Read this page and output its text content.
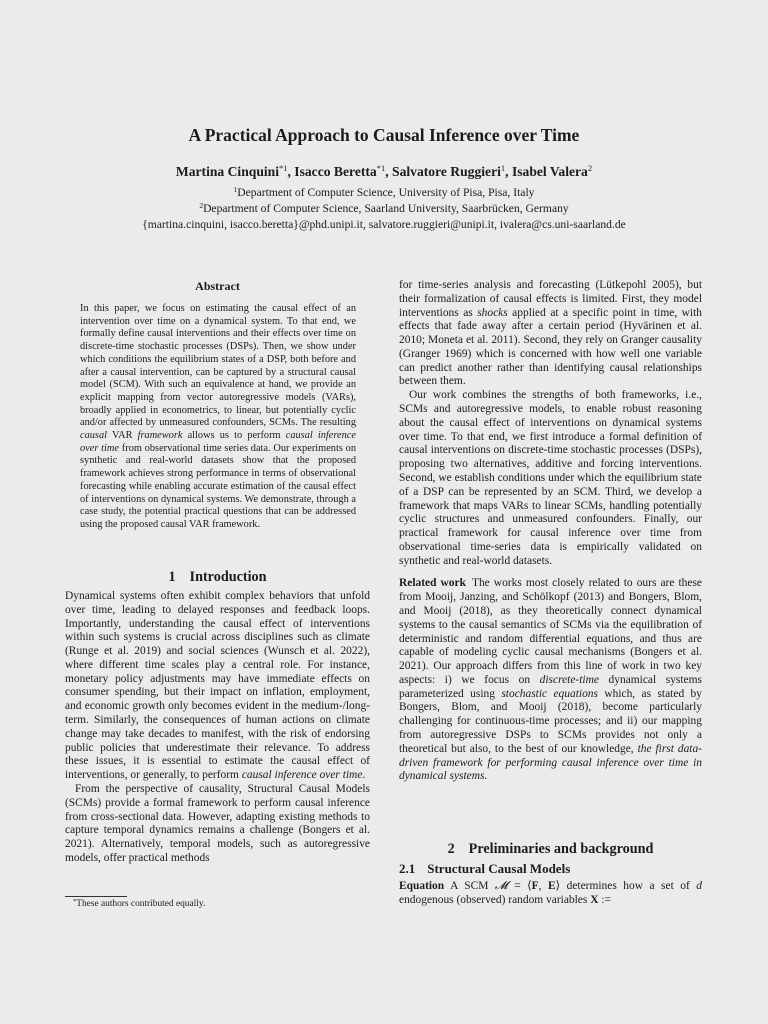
A Practical Approach to Causal Inference over Time
Martina Cinquini$^{*1}$, Isacco Beretta$^{*1}$, Salvatore Ruggieri$^1$, Isabel Valera$^2$
$^1$Department of Computer Science, University of Pisa, Pisa, Italy
$^2$Department of Computer Science, Saarland University, Saarbrücken, Germany
{martina.cinquini, isacco.beretta}@phd.unipi.it, salvatore.ruggieri@unipi.it, ivalera@cs.uni-saarland.de
Abstract
In this paper, we focus on estimating the causal effect of an intervention over time on a dynamical system. To that end, we formally define causal interventions and their effects over time on discrete-time stochastic processes (DSPs). Then, we show under which conditions the equilibrium states of a DSP, both before and after a causal intervention, can be captured by a structural causal model (SCM). With such an equivalence at hand, we provide an explicit mapping from vector autoregressive models (VARs), broadly applied in econometrics, to linear, but potentially cyclic and/or affected by unmeasured confounders, SCMs. The resulting causal VAR framework allows us to perform causal inference over time from observational time series data. Our experiments on synthetic and real-world datasets show that the proposed framework achieves strong performance in terms of observational forecasting while enabling accurate estimation of the causal effect of interventions on dynamical systems. We demonstrate, through a case study, the potential practical questions that can be addressed using the proposed causal VAR framework.
1 Introduction

Dynamical systems often exhibit complex behaviors that unfold over time, leading to delayed responses and feedback loops. Importantly, understanding the causal effect of interventions within such systems is crucial across disciplines such as climate (Runge et al. 2019) and social sciences (Wunsch et al. 2022), where different time scales play a central role. For instance, monetary policy adjustments may have immediate effects on consumer spending, but their impact on inflation, employment, and economic growth only becomes evident in the medium-/long-term. Similarly, the consequences of human actions on climate change may take decades to manifest, with the risk of endorsing public policies that underestimate their relevance. To address these issues, it is essential to estimate the causal effect of interventions, or generally, to perform causal inference over time.

From the perspective of causality, Structural Causal Models (SCMs) provide a formal framework to perform causal inference from cross-sectional data. However, adapting existing methods to capture temporal dynamics remains a challenge (Bongers et al. 2021). Alternatively, temporal models, such as autoregressive models, offer practical methods

*These authors contributed equally.

for time-series analysis and forecasting (Lütkepohl 2005), but their formalization of causal effects is limited. First, they model interventions as shocks applied at a specific point in time, with effects that fade away after a certain period (Hyvärinen et al. 2010; Moneta et al. 2011). Second, they rely on Granger causality (Granger 1969) which is concerned with how well one variable can predict another rather than identifying causal relationships between them.

Our work combines the strengths of both frameworks, i.e., SCMs and autoregressive models, to enable robust reasoning about the causal effect of interventions on dynamical systems over time. To that end, we first introduce a formal definition of causal interventions on discrete-time stochastic processes (DSPs), proposing two alternatives, additive and forcing interventions. Second, we establish conditions under which the equilibrium state of a DSP can be represented by an SCM. Third, we develop a framework that maps VARs to linear SCMs, handling potentially cyclic structures and unmeasured confounders. Finally, our practical framework for causal inference over time from observational time-series data is empirically validated on synthetic and real-world datasets.

Related work The works most closely related to ours are these from Mooij, Janzing, and Schölkopf (2013) and Bongers, Blom, and Mooij (2018), as they theoretically connect dynamical systems to the causal semantics of SCMs via the equilibration of deterministic and random differential equations, and thus are capable of modeling cyclic causal mechanisms (Bongers et al. 2021). Our approach differs from this line of work in two key aspects: i) we focus on discrete-time dynamical systems parameterized using stochastic equations which, as stated by Bongers, Blom, and Mooij (2018), become particularly challenging for continuous-time processes; and ii) our mapping from autoregressive DSPs to SCMs provides not only a theoretical but also, to the best of our knowledge, the first data-driven framework for performing causal inference over time in dynamical systems.

2 Preliminaries and background
2.1 Structural Causal Models

Equation A SCM 𝓜 = ⟨F, E⟩ determines how a set of d endogenous (observed) random variables X :=
